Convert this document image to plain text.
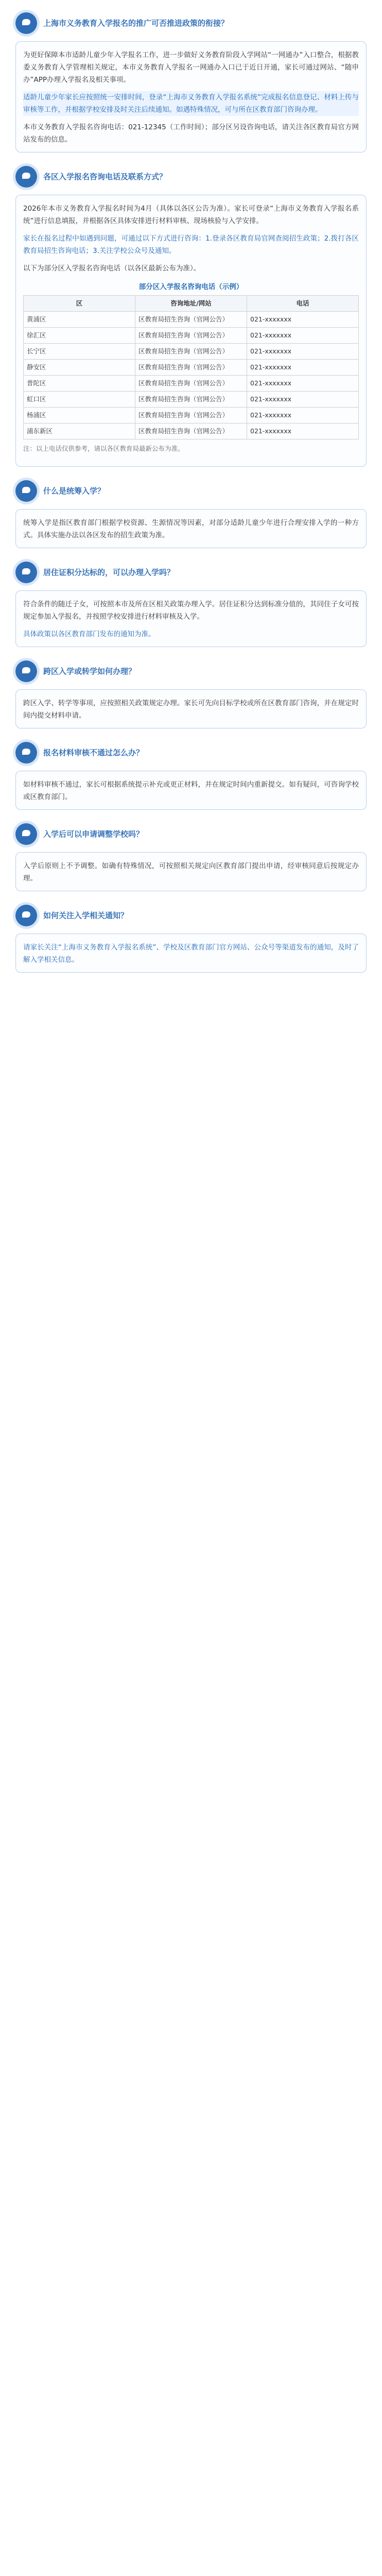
上海市义务教育入学报名的推广可否推进政策的衔接？

为更好保障本市适龄儿童少年入学报名工作，进一步做好义务教育阶段入学网站“一网通办”入口整合，根据教委义务教育入学管理相关规定，本市义务教育入学报名一网通办入口已于近日开通，家长可通过网站、“随申办”APP办理入学报名及相关事项。

适龄儿童少年家长应按照统一安排时间，登录“上海市义务教育入学报名系统”完成报名信息登记、材料上传与审核等工作，并根据学校安排及时关注后续通知。如遇特殊情况，可与所在区教育部门咨询办理。

本市义务教育入学报名咨询电话：021-12345（工作时间）；部分区另设咨询电话，请关注各区教育局官方网站发布的信息。

各区入学报名咨询电话及联系方式？

2026年本市义务教育入学报名时间为4月（具体以各区公告为准）。家长可登录“上海市义务教育入学报名系统”进行信息填报，并根据各区具体安排进行材料审核、现场核验与入学安排。

家长在报名过程中如遇到问题，可通过以下方式进行咨询：1.登录各区教育局官网查阅招生政策；2.拨打各区教育局招生咨询电话；3.关注学校公众号及通知。

以下为部分区入学报名咨询电话（以各区最新公布为准）。

部分区入学报名咨询电话（示例）
区	咨询地址/网站	电话
黄浦区	区教育局招生咨询（官网公告）	021-xxxxxxx
徐汇区	区教育局招生咨询（官网公告）	021-xxxxxxx
长宁区	区教育局招生咨询（官网公告）	021-xxxxxxx
静安区	区教育局招生咨询（官网公告）	021-xxxxxxx
普陀区	区教育局招生咨询（官网公告）	021-xxxxxxx
虹口区	区教育局招生咨询（官网公告）	021-xxxxxxx
杨浦区	区教育局招生咨询（官网公告）	021-xxxxxxx
浦东新区	区教育局招生咨询（官网公告）	021-xxxxxxx
注：以上电话仅供参考，请以各区教育局最新公布为准。
什么是统筹入学？

统筹入学是指区教育部门根据学校资源、生源情况等因素，对部分适龄儿童少年进行合理安排入学的一种方式。具体实施办法以各区发布的招生政策为准。

居住证积分达标的，可以办理入学吗？

符合条件的随迁子女，可按照本市及所在区相关政策办理入学。居住证积分达到标准分值的，其同住子女可按规定参加入学报名，并按照学校安排进行材料审核及入学。

具体政策以各区教育部门发布的通知为准。

跨区入学或转学如何办理？

跨区入学、转学等事项，应按照相关政策规定办理。家长可先向目标学校或所在区教育部门咨询，并在规定时间内提交材料申请。

报名材料审核不通过怎么办？

如材料审核不通过，家长可根据系统提示补充或更正材料，并在规定时间内重新提交。如有疑问，可咨询学校或区教育部门。

入学后可以申请调整学校吗？

入学后原则上不予调整。如确有特殊情况，可按照相关规定向区教育部门提出申请，经审核同意后按规定办理。

如何关注入学相关通知？

请家长关注“上海市义务教育入学报名系统”、学校及区教育部门官方网站、公众号等渠道发布的通知，及时了解入学相关信息。
